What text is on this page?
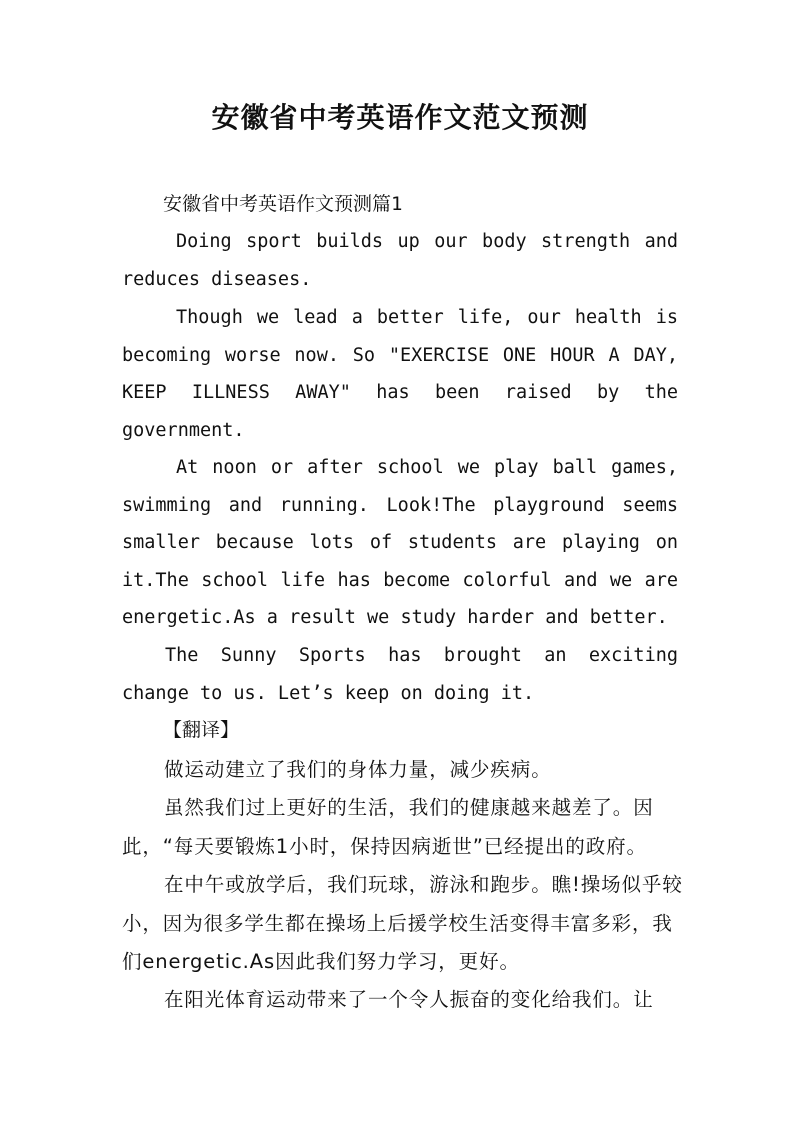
安徽省中考英语作文范文预测
安徽省中考英语作文预测篇1
Doing sport builds up our body strength and reduces diseases.
Though we lead a better life, our health is becoming worse now. So "EXERCISE ONE HOUR A DAY, KEEP ILLNESS AWAY" has been raised by the government.
At noon or after school we play ball games, swimming and running. Look!The playground seems smaller because lots of students are playing on it.The school life has become colorful and we are energetic.As a result we study harder and better.
The Sunny Sports has brought an exciting change to us. Let’s keep on doing it.
【翻译】
做运动建立了我们的身体力量，减少疾病。
虽然我们过上更好的生活，我们的健康越来越差了。因此，“每天要锻炼1小时，保持因病逝世”已经提出的政府。
在中午或放学后，我们玩球，游泳和跑步。瞧!操场似乎较小，因为很多学生都在操场上后援学校生活变得丰富多彩，我们energetic.As因此我们努力学习，更好。
在阳光体育运动带来了一个令人振奋的变化给我们。让
